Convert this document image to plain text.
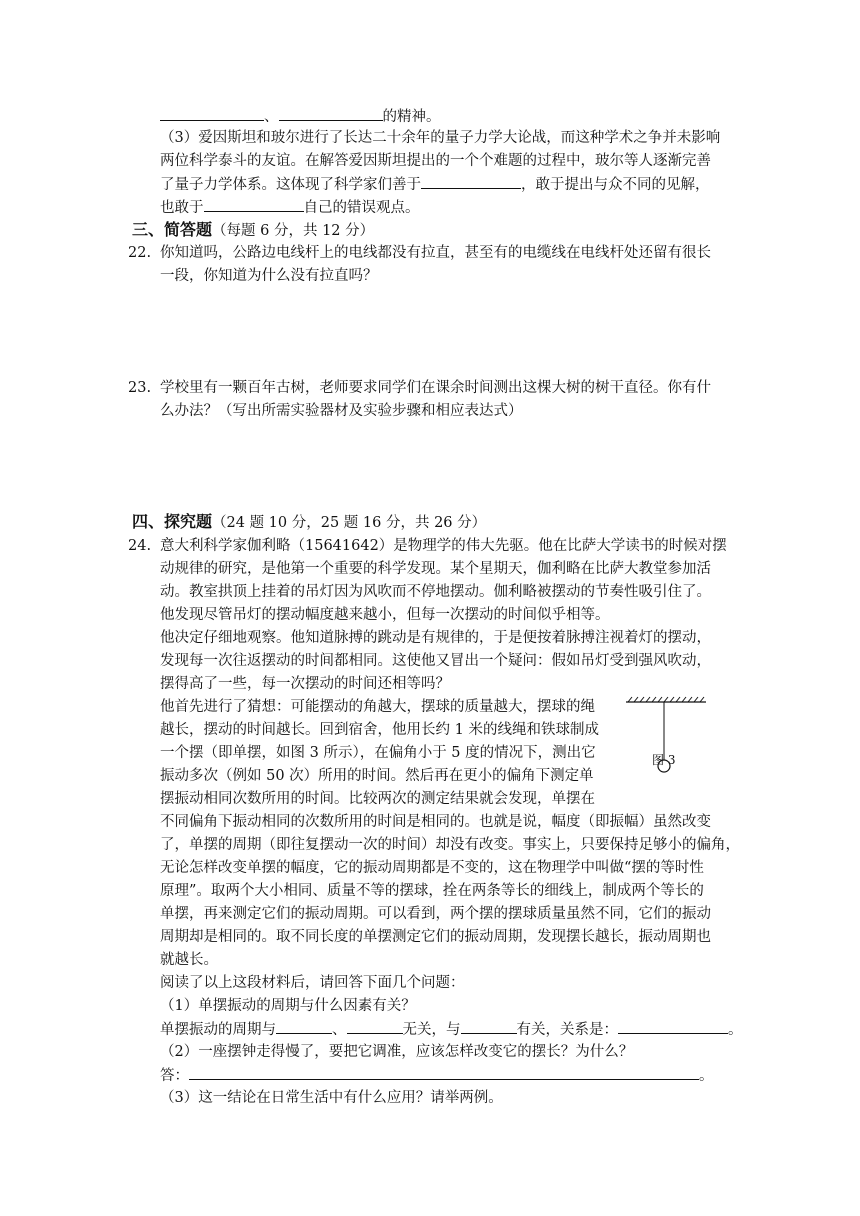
、	的精神。
（3）爱因斯坦和玻尔进行了长达二十余年的量子力学大论战，而这种学术之争并未影响
两位科学泰斗的友谊。在解答爱因斯坦提出的一个个难题的过程中，玻尔等人逐渐完善
了量子力学体系。这体现了科学家们善于	，敢于提出与众不同的见解，
也敢于	自己的错误观点。
三、简答题（每题 6 分，共 12 分）
22. 你知道吗，公路边电线杆上的电线都没有拉直，甚至有的电缆线在电线杆处还留有很长
一段，你知道为什么没有拉直吗？
23. 学校里有一颗百年古树，老师要求同学们在课余时间测出这棵大树的树干直径。你有什
么办法？（写出所需实验器材及实验步骤和相应表达式）
四、探究题（24 题 10 分，25 题 16 分，共 26 分）
24. 意大利科学家伽利略（15641642）是物理学的伟大先驱。他在比萨大学读书的时候对摆
动规律的研究，是他第一个重要的科学发现。某个星期天，伽利略在比萨大教堂参加活
动。教室拱顶上挂着的吊灯因为风吹而不停地摆动。伽利略被摆动的节奏性吸引住了。
他发现尽管吊灯的摆动幅度越来越小，但每一次摆动的时间似乎相等。
他决定仔细地观察。他知道脉搏的跳动是有规律的，于是便按着脉搏注视着灯的摆动，
发现每一次往返摆动的时间都相同。这使他又冒出一个疑问：假如吊灯受到强风吹动，
摆得高了一些，每一次摆动的时间还相等吗？
他首先进行了猜想：可能摆动的角越大，摆球的质量越大，摆球的绳
越长，摆动的时间越长。回到宿舍，他用长约 1 米的线绳和铁球制成
一个摆（即单摆，如图 3 所示），在偏角小于 5 度的情况下，测出它
振动多次（例如 50 次）所用的时间。然后再在更小的偏角下测定单
摆振动相同次数所用的时间。比较两次的测定结果就会发现，单摆在
不同偏角下振动相同的次数所用的时间是相同的。也就是说，幅度（即振幅）虽然改变
了，单摆的周期（即往复摆动一次的时间）却没有改变。事实上，只要保持足够小的偏角，
无论怎样改变单摆的幅度，它的振动周期都是不变的，这在物理学中叫做“摆的等时性
原理”。取两个大小相同、质量不等的摆球，拴在两条等长的细线上，制成两个等长的
单摆，再来测定它们的振动周期。可以看到，两个摆的摆球质量虽然不同，它们的振动
周期却是相同的。取不同长度的单摆测定它们的振动周期，发现摆长越长，振动周期也
就越长。
图 3
阅读了以上这段材料后，请回答下面几个问题：
（1）单摆振动的周期与什么因素有关？
单摆振动的周期与	、	无关，与	有关，关系是：	。
（2）一座摆钟走得慢了，要把它调准，应该怎样改变它的摆长？为什么？
答：	。
（3）这一结论在日常生活中有什么应用？请举两例。
